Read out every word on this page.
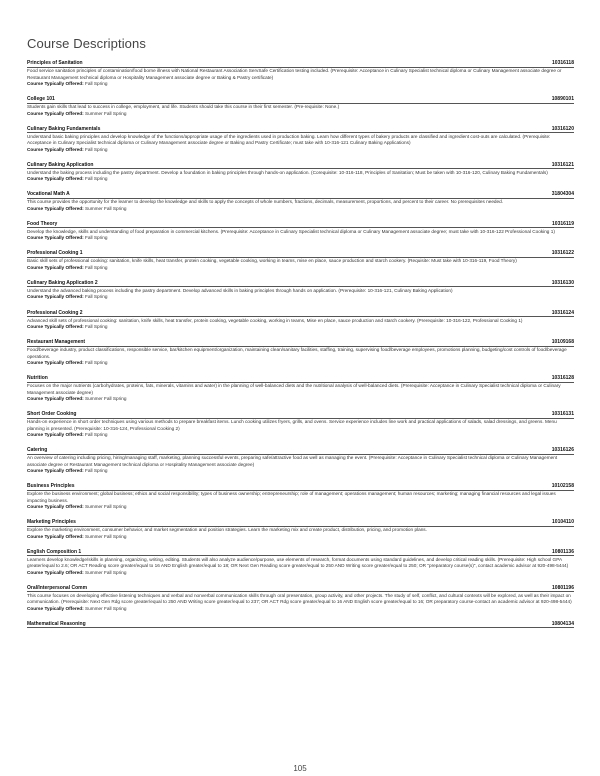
Course Descriptions
Principles of Sanitation	10316118
Food service sanitation principles of contamination/food borne illness with National Restaurant Association ServSafe Certification testing included. (Prerequisite: Acceptance in Culinary Specialist technical diploma or Culinary Management associate degree or Restaurant Management technical diploma or Hospitality Management associate degree or Baking & Pastry certificate)
Course Typically Offered: Fall Spring
College 101	10890101
Students gain skills that lead to success in college, employment, and life. Students should take this course in their first semester. (Pre-requisite: None.)
Course Typically Offered: Summer Fall Spring
Culinary Baking Fundamentals	10316120
Understand basic baking principles and develop knowledge of the functions/appropriate usage of the ingredients used in production baking. Learn how different types of bakery products are classified and ingredient cost-outs are calculated. (Prerequisite: Acceptance in Culinary Specialist technical diploma or Culinary Management associate degree or Baking and Pastry Certificate; must take with 10-316-121 Culinary Baking Applications)
Course Typically Offered: Fall Spring
Culinary Baking Application	10316121
Understand the baking process including the pastry department. Develop a foundation in baking principles through hands-on application. (Corequisite: 10-316-118, Principles of Sanitation; Must be taken with 10-316-120, Culinary Baking Fundamentals)
Course Typically Offered: Fall Spring
Vocational Math A	31804304
This course provides the opportunity for the learner to develop the knowledge and skills to apply the concepts of whole numbers, fractions, decimals, measurement, proportions, and percent to their career. No prerequisites needed.
Course Typically Offered: Summer Fall Spring
Food Theory	10316119
Develop the knowledge, skills and understanding of food preparation in commercial kitchens. (Prerequisite: Acceptance in Culinary Specialist technical diploma or Culinary Management associate degree; must take with 10-316-122 Professional Cooking 1)
Course Typically Offered: Fall Spring
Professional Cooking 1	10316122
Basic skill sets of professional cooking: sanitation, knife skills, heat transfer, protein cooking, vegetable cooking, working in teams, mise en place, sauce production and starch cookery. (Requisite: Must take with 10-316-119, Food Theory)
Course Typically Offered: Fall Spring
Culinary Baking Application 2	10316130
Understand the advanced baking process including the pastry department. Develop advanced skills in baking principles through hands on application. (Prerequisite: 10-316-121, Culinary Baking Application)
Course Typically Offered: Fall Spring
Professional Cooking 2	10316124
Advanced skill sets of professional cooking: sanitation, knife skills, heat transfer, protein cooking, vegetable cooking, working in teams, Mise en place, sauce production and starch cookery. (Prerequisite: 10-316-122, Professional Cooking 1)
Course Typically Offered: Fall Spring
Restaurant Management	10109168
Food/beverage industry, product classifications, responsible service, bar/kitchen equipment/organization, maintaining clean/sanitary facilities, staffing, training, supervising food/beverage employees, promotions planning, budgeting/cost controls of food/beverage operations.
Course Typically Offered: Fall Spring
Nutrition	10316128
Focuses on the major nutrients (carbohydrates, proteins, fats, minerals, vitamins and water) in the planning of well-balanced diets and the nutritional analysis of well-balanced diets. (Prerequisite: Acceptance in Culinary Specialist technical diploma or Culinary Management associate degree)
Course Typically Offered: Summer Fall Spring
Short Order Cooking	10316131
Hands-on experience in short order techniques using various methods to prepare breakfast items. Lunch cooking utilizes fryers, grills, and ovens. Service experience includes line work and practical applications of salads, salad dressings, and greens. Menu planning is presented. (Prerequisite: 10-316-124, Professional Cooking 2)
Course Typically Offered: Fall Spring
Catering	10316126
An overview of catering including pricing, hiring/managing staff, marketing, planning successful events, preparing safe/attractive food as well as managing the event. (Prerequisite: Acceptance in Culinary Specialist technical diploma or Culinary Management associate degree or Restaurant Management technical diploma or Hospitality Management associate degree)
Course Typically Offered: Fall Spring
Business Principles	10102158
Explore the business environment; global business; ethics and social responsibility; types of business ownership; entrepreneurship; role of management; operations management; human resources; marketing; managing financial resources and legal issues impacting business.
Course Typically Offered: Summer Fall Spring
Marketing Principles	10104110
Explore the marketing environment, consumer behavior, and market segmentation and position strategies. Learn the marketing mix and create product, distribution, pricing, and promotion plans.
Course Typically Offered: Summer Fall Spring
English Composition 1	10801136
Learners develop knowledge/skills in planning, organizing, writing, editing. Students will also analyze audience/purpose, use elements of research, format documents using standard guidelines, and develop critical reading skills. (Prerequisite: High school GPA greater/equal to 2.6; OR ACT Reading score greater/equal to 16 AND English greater/equal to 18; OR Next Gen Reading score greater/equal to 250 AND Writing score greater/equal to 250; OR "preparatory course(s)", contact academic advisor at 920-498-5444)
Course Typically Offered: Summer Fall Spring
Oral/Interpersonal Comm	10801196
This course focuses on developing effective listening techniques and verbal and nonverbal communication skills through oral presentation, group activity, and other projects. The study of self, conflict, and cultural contexts will be explored, as well as their impact on communication. (Prerequisite: Next Gen Rdg score greater/equal to 250 AND Writing score greater/equal to 237; OR ACT Rdg score greater/equal to 16 AND English score greater/equal to 16; OR preparatory course-contact an academic advisor at 920-498-5444)
Course Typically Offered: Summer Fall Spring
Mathematical Reasoning	10804134
105
